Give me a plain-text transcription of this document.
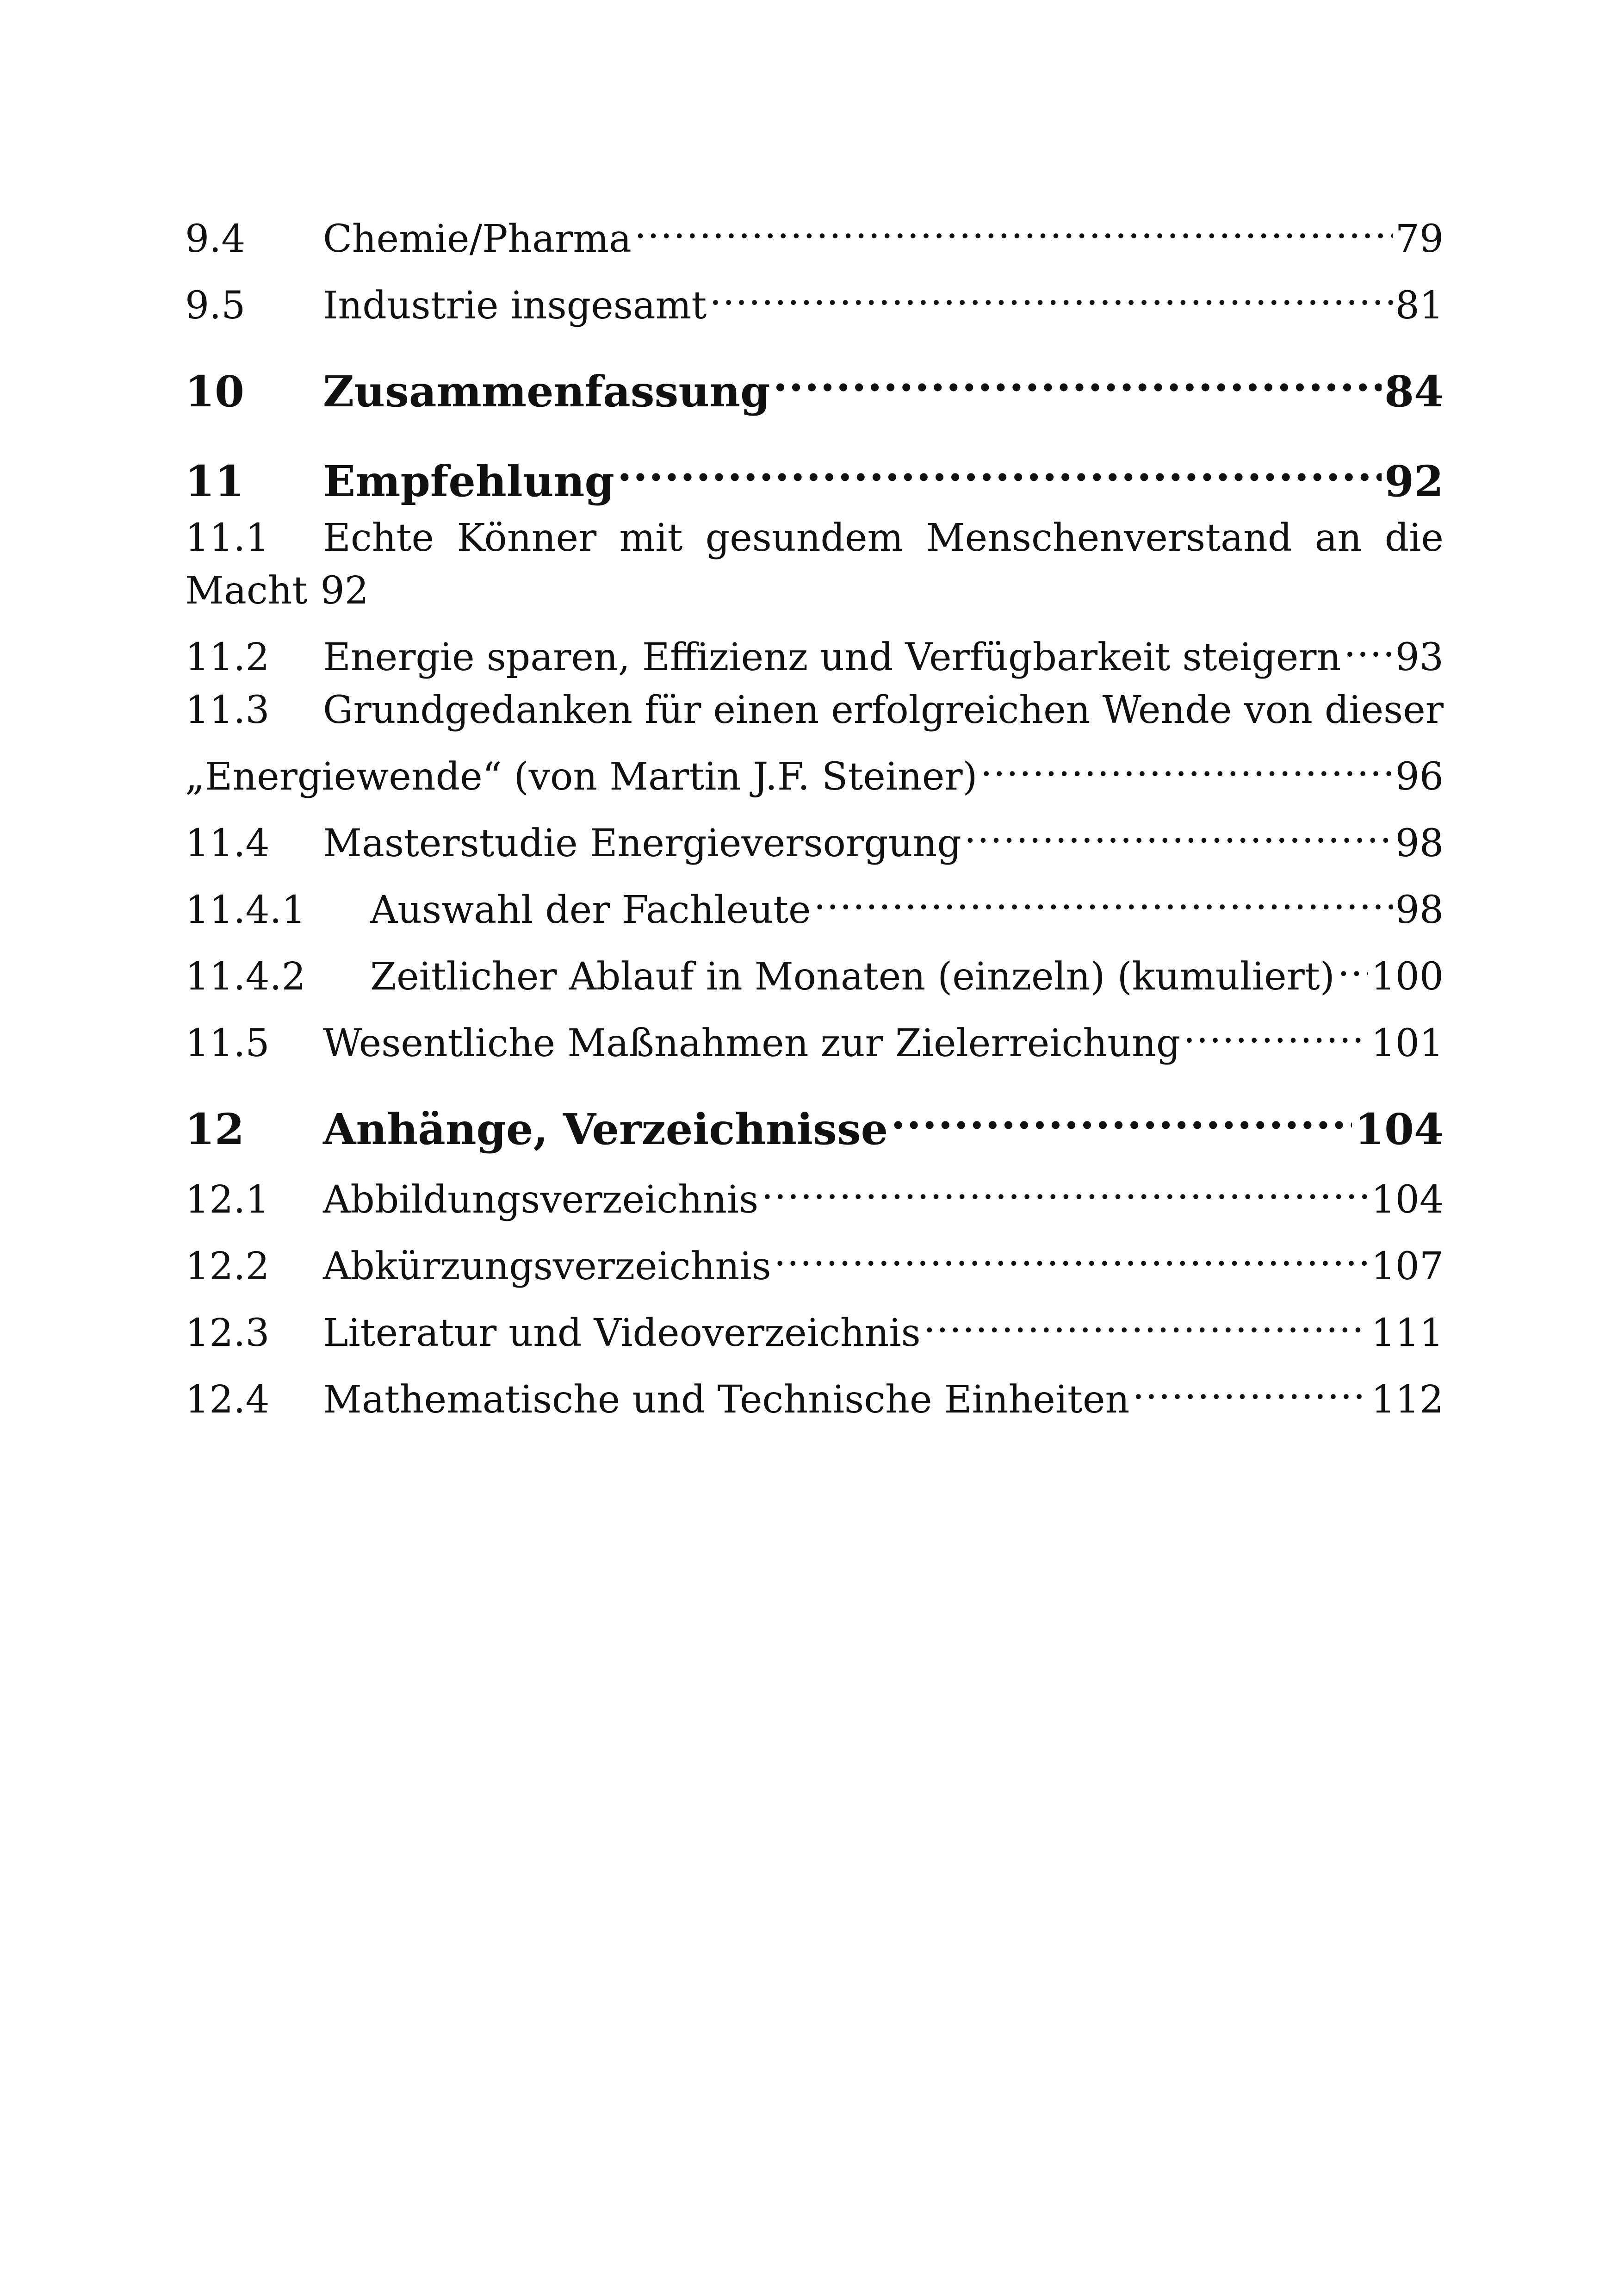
9.4	Chemie/Pharma .....	79
9.5	Industrie insgesamt .....	81
10	Zusammenfassung .....	84
11	Empfehlung .....	92
11.1	Echte Könner mit gesundem Menschenverstand an die
Macht 92
11.2	Energie sparen, Effizienz und Verfügbarkeit steigern ..... 93
11.3	Grundgedanken für einen erfolgreichen Wende von dieser
„Energiewende“ (von Martin J.F. Steiner) .....	96
11.4	Masterstudie Energieversorgung .....	98
11.4.1	Auswahl der Fachleute .....	98
11.4.2	Zeitlicher Ablauf in Monaten (einzeln) (kumuliert) ..... 100
11.5	Wesentliche Maßnahmen zur Zielerreichung .....	101
12	Anhänge, Verzeichnisse .....	104
12.1	Abbildungsverzeichnis .....	104
12.2	Abkürzungsverzeichnis .....	107
12.3	Literatur und Videoverzeichnis .....	111
12.4	Mathematische und Technische Einheiten .....	112
